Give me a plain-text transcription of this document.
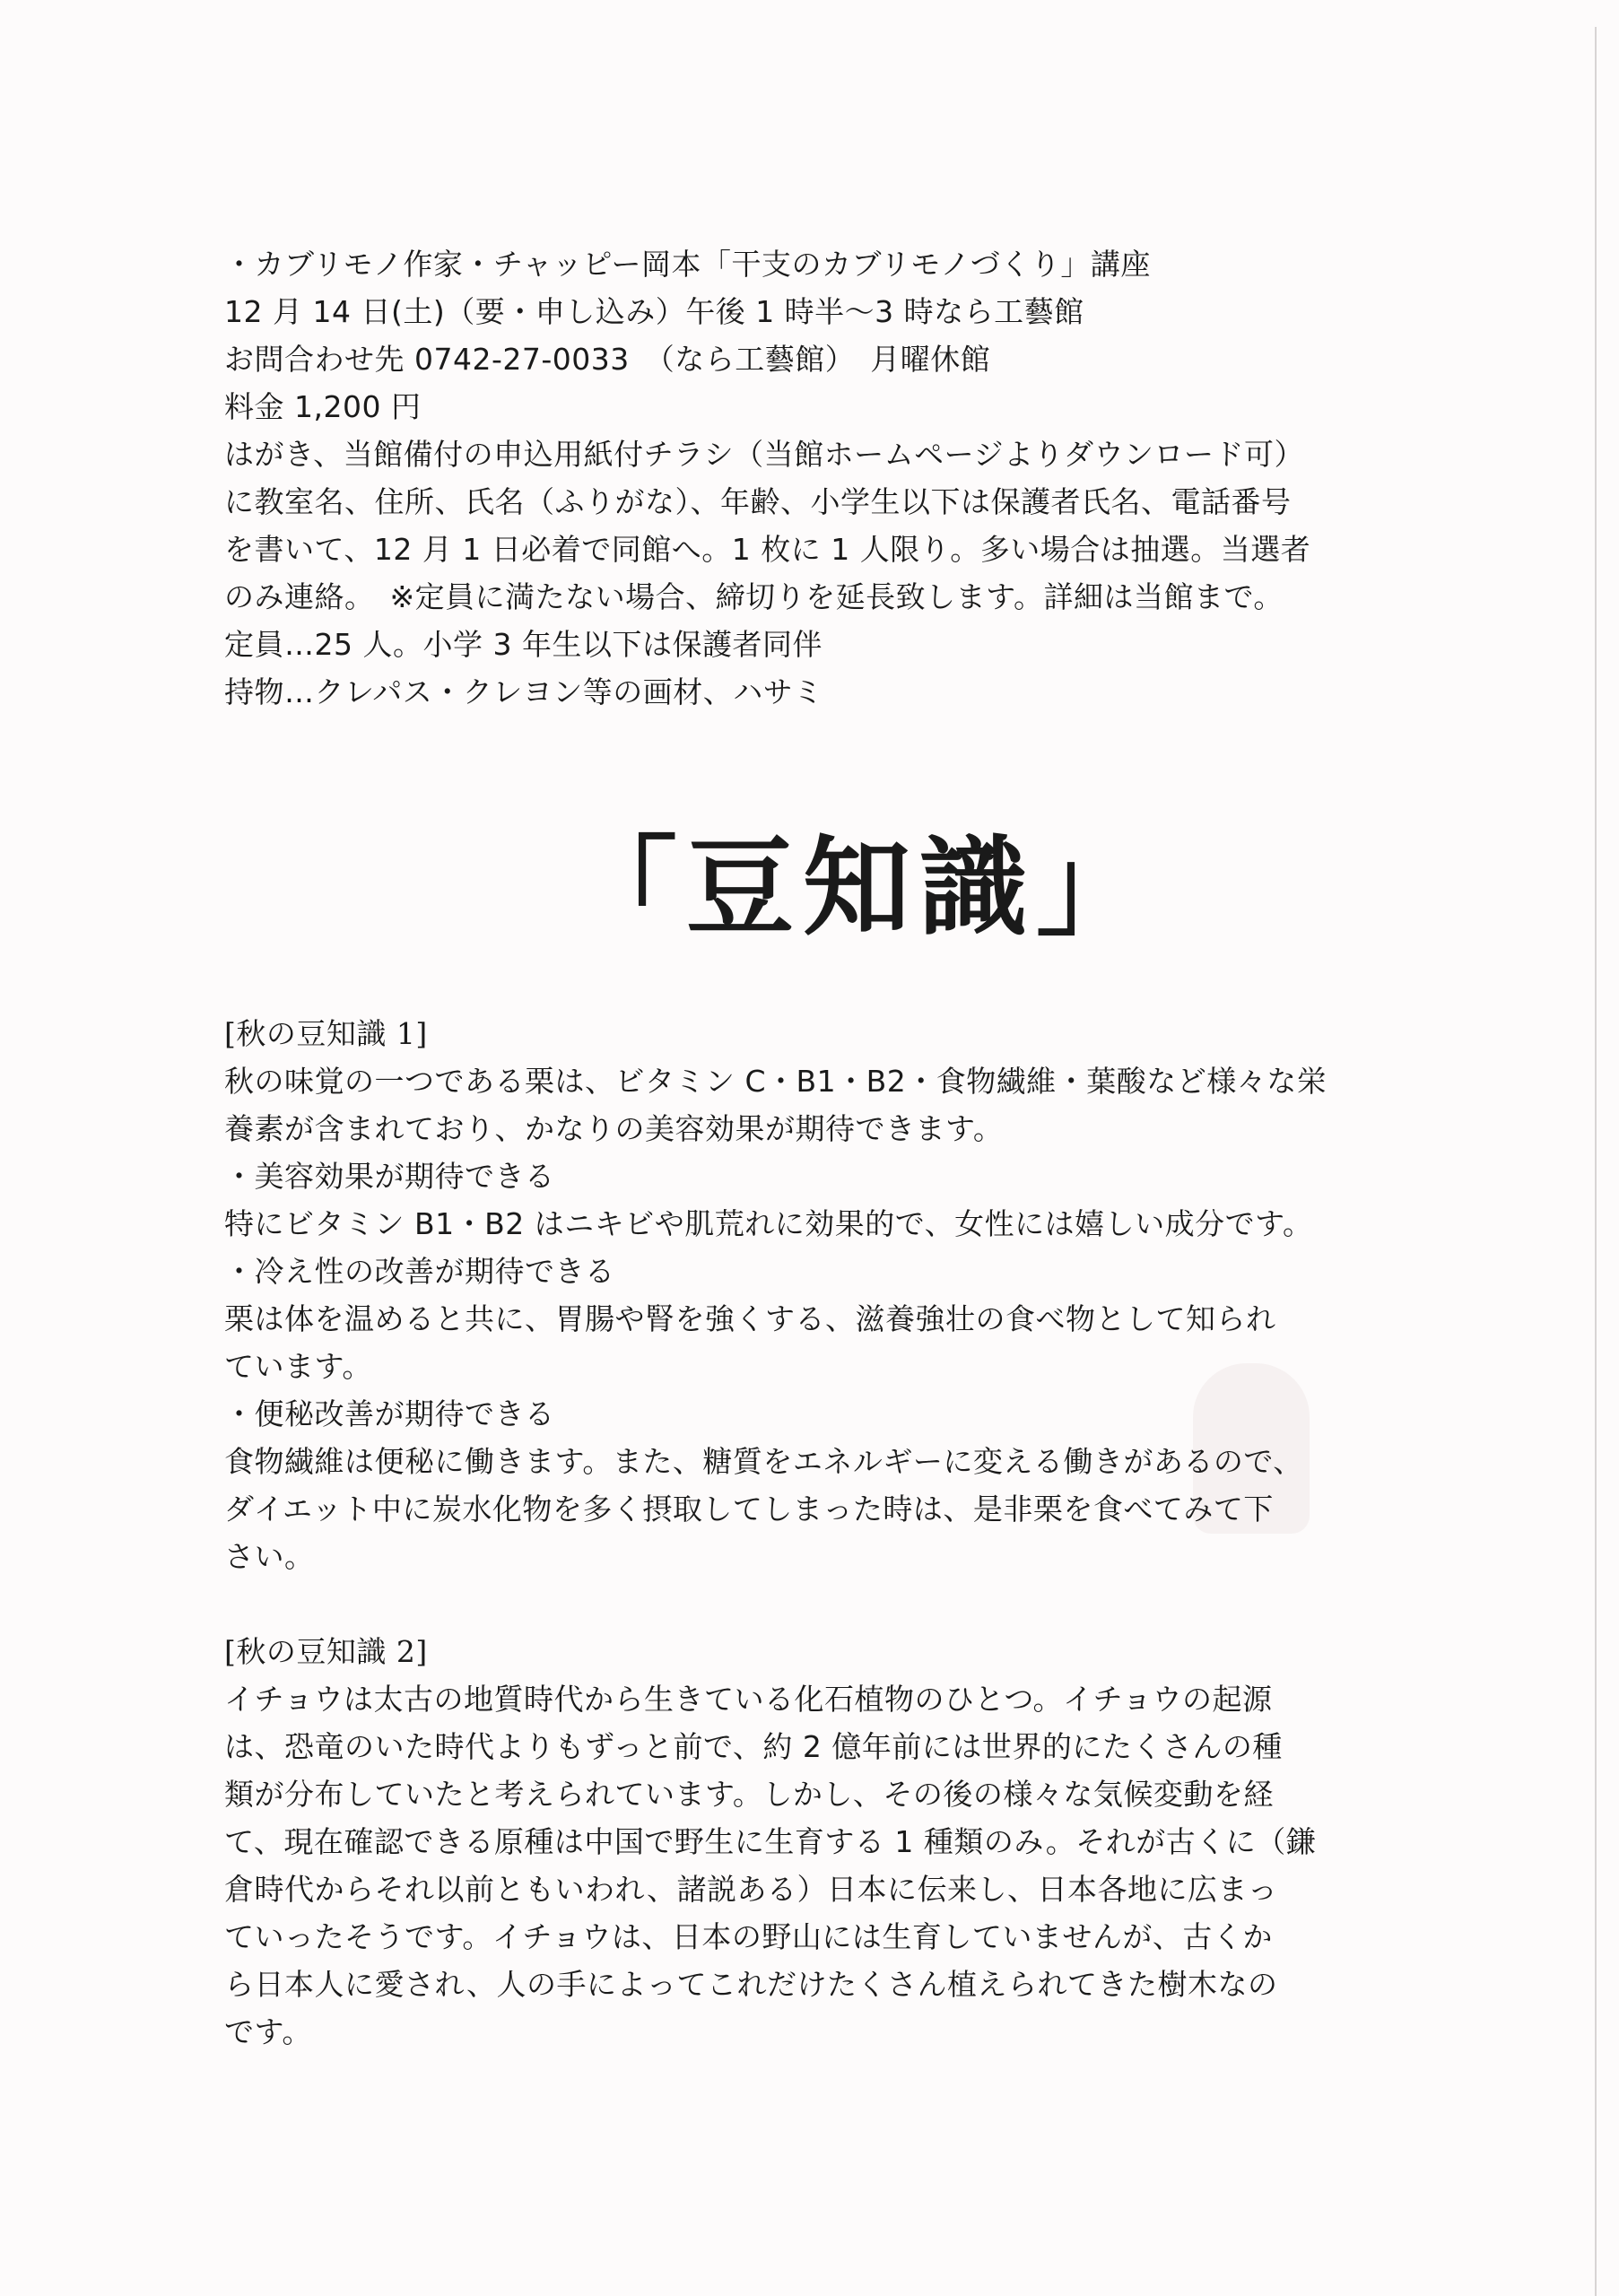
・カブリモノ作家・チャッピー岡本「干支のカブリモノづくり」講座
12 月 14 日(土)（要・申し込み）午後 1 時半～3 時なら工藝館
お問合わせ先 0742-27-0033　（なら工藝館）　月曜休館
料金 1,200 円
はがき、当館備付の申込用紙付チラシ（当館ホームページよりダウンロード可）
に教室名、住所、氏名（ふりがな）、年齢、小学生以下は保護者氏名、電話番号
を書いて、12 月 1 日必着で同館へ。1 枚に 1 人限り。多い場合は抽選。当選者
のみ連絡。　※定員に満たない場合、締切りを延長致します。詳細は当館まで。
定員…25 人。小学 3 年生以下は保護者同伴
持物…クレパス・クレヨン等の画材、ハサミ
「豆知識」
[秋の豆知識 1]
秋の味覚の一つである栗は、ビタミン C・B1・B2・食物繊維・葉酸など様々な栄
養素が含まれており、かなりの美容効果が期待できます。
・美容効果が期待できる
特にビタミン B1・B2 はニキビや肌荒れに効果的で、女性には嬉しい成分です。
・冷え性の改善が期待できる
栗は体を温めると共に、胃腸や腎を強くする、滋養強壮の食べ物として知られ
ています。
・便秘改善が期待できる
食物繊維は便秘に働きます。また、糖質をエネルギーに変える働きがあるので、
ダイエット中に炭水化物を多く摂取してしまった時は、是非栗を食べてみて下
さい。
[秋の豆知識 2]
イチョウは太古の地質時代から生きている化石植物のひとつ。イチョウの起源
は、恐竜のいた時代よりもずっと前で、約 2 億年前には世界的にたくさんの種
類が分布していたと考えられています。しかし、その後の様々な気候変動を経
て、現在確認できる原種は中国で野生に生育する 1 種類のみ。それが古くに（鎌
倉時代からそれ以前ともいわれ、諸説ある）日本に伝来し、日本各地に広まっ
ていったそうです。イチョウは、日本の野山には生育していませんが、古くか
ら日本人に愛され、人の手によってこれだけたくさん植えられてきた樹木なの
です。
